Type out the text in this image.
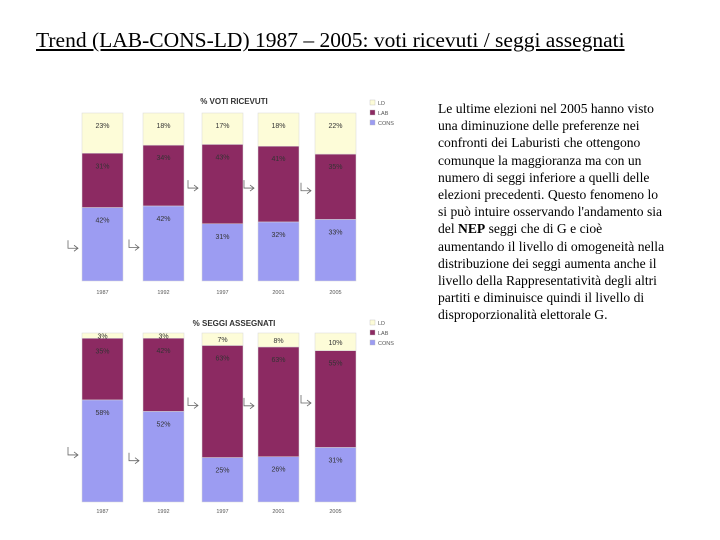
Trend (LAB-CONS-LD) 1987 – 2005: voti ricevuti / seggi assegnati
% VOTI RICEVUTI
42%
31%
23%
1987
42%
34%
18%
1992
31%
43%
17%
1997
32%
41%
18%
2001
33%
35%
22%
2005
LD
LAB
CONS
% SEGGI ASSEGNATI
58%
35%
3%
1987
52%
42%
3%
1992
25%
63%
7%
1997
26%
63%
8%
2001
31%
55%
10%
2005
LD
LAB
CONS

Le ultime elezioni nel 2005 hanno visto una diminuzione delle preferenze nei confronti dei Laburisti che ottengono comunque la maggioranza ma con un numero di seggi inferiore a quelli delle elezioni precedenti. Questo fenomeno lo si può intuire osservando l'andamento sia del NEP seggi che di G e cioè aumentando il livello di omogeneità nella distribuzione dei seggi aumenta anche il livello della Rappresentatività degli altri partiti e diminuisce quindi il livello di disproporzionalità elettorale G.
